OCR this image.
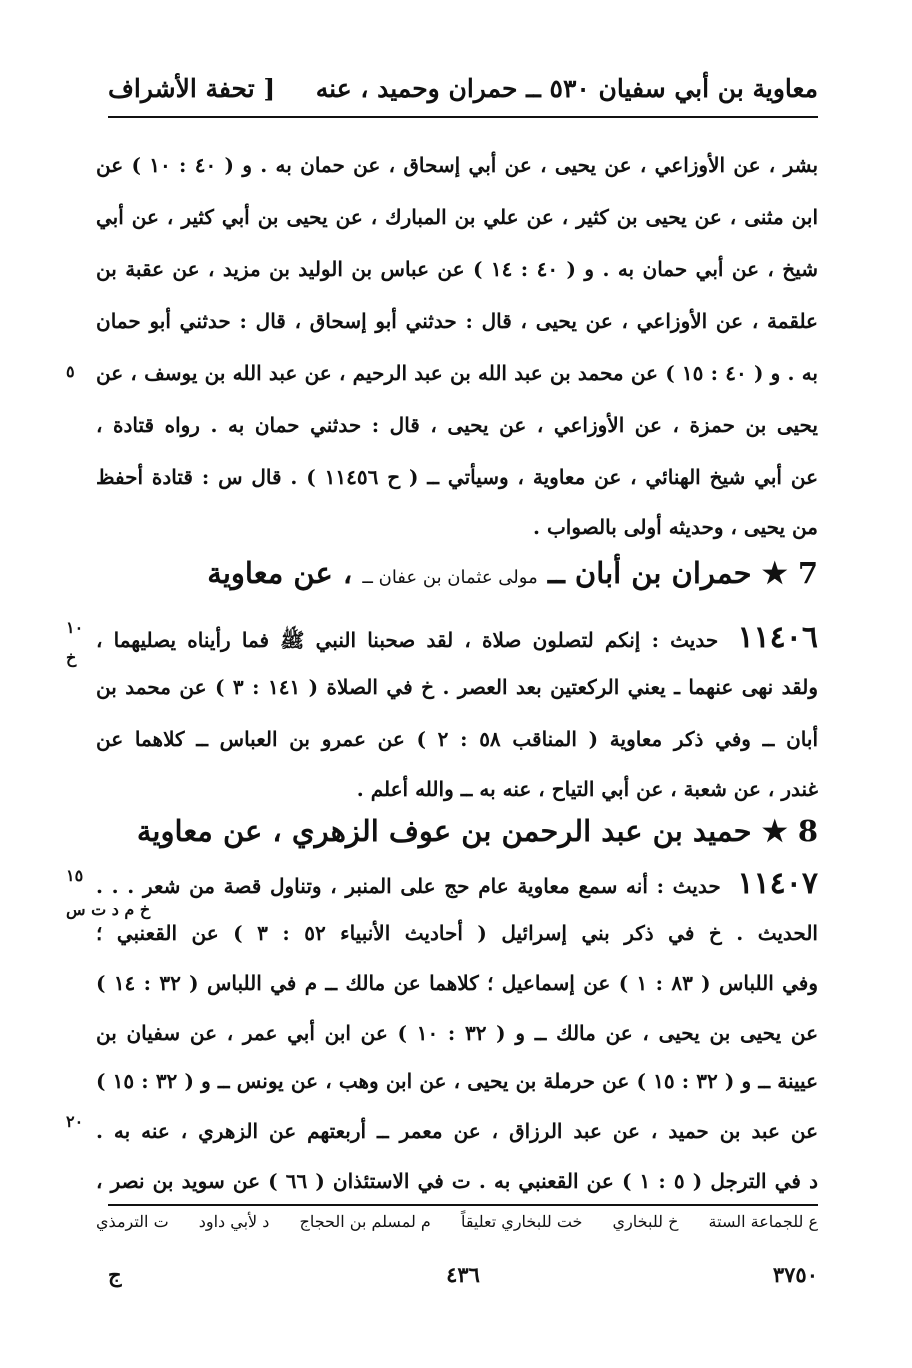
معاوية بن أبي سفيان ٥٣٠ ــ حمران وحميد ، عنه
[ تحفة الأشراف
بشر ، عن الأوزاعي ، عن يحيى ، عن أبي إسحاق ، عن حمان به . و ( ٤٠ : ١٠ ) عن
ابن مثنى ، عن يحيى بن كثير ، عن علي بن المبارك ، عن يحيى بن أبي كثير ، عن أبي
شيخ ، عن أبي حمان به . و ( ٤٠ : ١٤ ) عن عباس بن الوليد بن مزيد ، عن عقبة بن
علقمة ، عن الأوزاعي ، عن يحيى ، قال : حدثني أبو إسحاق ، قال : حدثني أبو حمان
به . و ( ٤٠ : ١٥ ) عن محمد بن عبد الله بن عبد الرحيم ، عن عبد الله بن يوسف ، عن
يحيى بن حمزة ، عن الأوزاعي ، عن يحيى ، قال : حدثني حمان به . رواه قتادة ،
عن أبي شيخ الهنائي ، عن معاوية ، وسيأتي ــ ( ح ١١٤٥٦ ) . قال س : قتادة أحفظ
من يحيى ، وحديثه أولى بالصواب .
7 ★ حمران بن أبان ــ مولى عثمان بن عفان ــ ، عن معاوية
١١٤٠٦ حديث : إنكم لتصلون صلاة ، لقد صحبنا النبي ﷺ فما رأيناه يصليهما ،
ولقد نهى عنهما ـ يعني الركعتين بعد العصر . خ في الصلاة ( ١٤١ : ٣ ) عن محمد بن
أبان ــ وفي ذكر معاوية ( المناقب ٥٨ : ٢ ) عن عمرو بن العباس ــ كلاهما عن
غندر ، عن شعبة ، عن أبي التياح ، عنه به ــ والله أعلم .
8 ★ حميد بن عبد الرحمن بن عوف الزهري ، عن معاوية
١١٤٠٧ حديث : أنه سمع معاوية عام حج على المنبر ، وتناول قصة من شعر . . .
الحديث . خ في ذكر بني إسرائيل ( أحاديث الأنبياء ٥٢ : ٣ ) عن القعنبي ؛
وفي اللباس ( ٨٣ : ١ ) عن إسماعيل ؛ كلاهما عن مالك ــ م في اللباس ( ٣٢ : ١٤ )
عن يحيى بن يحيى ، عن مالك ــ و ( ٣٢ : ١٠ ) عن ابن أبي عمر ، عن سفيان بن
عيينة ــ و ( ٣٢ : ١٥ ) عن حرملة بن يحيى ، عن ابن وهب ، عن يونس ــ و ( ٣٢ : ١٥ )
عن عبد بن حميد ، عن عبد الرزاق ، عن معمر ــ أربعتهم عن الزهري ، عنه به .
د في الترجل ( ٥ : ١ ) عن القعنبي به . ت في الاستئذان ( ٦٦ ) عن سويد بن نصر ،
٥
١٠
خ
١٥
خ م د ت س
٢٠
ع للجماعة الستة
خ للبخاري
خت للبخاري تعليقاً
م لمسلم بن الحجاج
د لأبي داود
ت الترمذي
٣٧٥٠
٤٣٦
ج
